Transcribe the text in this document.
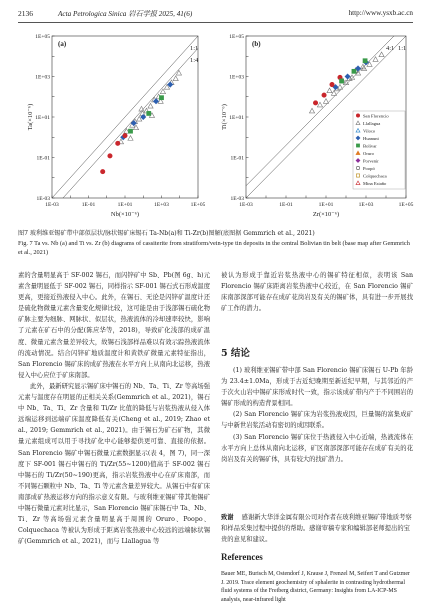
2136	Acta Petrologica Sinica 岩石学报 2025, 41(6)	http://www.ysxb.ac.cn
1:1
1:4
1E-03	1E-01	1E+01	1E+03	1E+05
1E-03
1E-01
1E+01
1E+03
1E+05
Nb(×10⁻⁶)
Ta(×10⁻⁶)
(a)
1:1
4:1
1E-03	1E-01	1E+01	1E+03	1E+05
1E-03
1E-01
1E+01
1E+03
1E+05
Zr(×10⁻⁶)
Ti(×10⁻⁶)
(b)
San Florencio
Llallagua
Viloco
Huanuni
Bolivar
Oruro
Porvenir
Poopó
Colquechaca
Mina Estaño
图7 玻利维亚锡矿带中部似层状/脉状锡矿床锡石 Ta-Nb(a)和 Ti-Zr(b)图解(底图据 Gemmrich et al., 2021)
Fig. 7 Ta vs. Nb (a) and Ti vs. Zr (b) diagrams of cassiterite from stratiform/vein-type tin deposits in the central Bolivian tin belt (base map after Gemmrich et al., 2021)

素的含量明显高于 SF-002 锡石，而闪锌矿中 Sb、Pb(图 6g、h)元素含量明显低于 SF-002 锡石，同样指示 SF-001 锡石式石形成温度更高，更接近热液侵入中心。此外，在锡石、无论是闪锌矿温度计还是硫化物微量元素含量变化规律比较，这可能是由于浅部锡石硫化物矿脉主要为细脉、网脉状、似层状，热液流体的冷却速率较快，影响了元素在矿石中的分配(陈应华等，2018)，导致矿化浅部的成矿温度、微量元素含量差异较大，故锡石浅部样品难以有效示踪热液流体的流动情况。结合闪锌矿地质温度计和黄铁矿微量元素特征指出，San Florencio 锡矿床的成矿热液在水平方向上从南向北运移，热液侵入中心应位于矿床南部。

此外，最新研究显示锡矿床中锡石的 Nb、Ta、Ti、Zr 等高场强元素与温度存在明显的正相关关系(Gemmrich et al., 2021)，锡石中 Nb、Ta、Ti、Zr 含量和 Ti/Zr 比值的降低与岩浆热液从侵入体远端运移到远端矿床温度降低有关(Cheng et al., 2019; Zhao et al., 2019; Gemmrich et al., 2021)。由于锡石为矿石矿物，其微量元素组成可以用于寻找矿化中心能够提供更可靠、直接的依据。San Florencio 锡矿中锡石微量元素数据显示(表 4，图 7)，同一深度下 SF-001 锡石中锡石的 Ti/Zr(55~1200)值高于 SF-002 锡石中锡石的 Ti/Zr(50~190)更高，指示岩浆热液中心在矿床南部，而不同锡石颗粒中 Nb、Ta、Ti 等元素含量差异较大。从锡石中有矿床南部成矿热液运移方向的指示意义有限。与玻利维亚锡矿带其他锡矿中锡石微量元素对比显示，San Florencio 锡矿床锡石中 Ta、Nb、Ti、Zr 等高场强元素含量明显高于周围的 Oruro、Poopo、Colquechaca 等被认为形成于距离岩浆热液中心较远的远端脉状锡矿(Gemmrich et al., 2021)，而与 Llallagua 等

被认为形成于靠近岩浆热液中心的锡矿特征相似，表明该 San Florencio 锡矿床距离岩浆热液中心较近，在 San Florencio 锡矿床南部深部可能存在成矿花岗岩及有关的锡矿体，具有进一步开展找矿工作的潜力。

5 结论

(1) 玻利维亚锡矿带中部 San Florencio 锡矿床锡石 U-Pb 年龄为 23.4±1.0Ma，形成于古近纪晚期至新近纪早期，与其邻近的产于次火山岩中锡矿床形成时代一致，指示该成矿带内产于不同围岩的锡矿形成的构造背景相同。

(2) San Florencio 锡矿床为岩浆热液成因，巨量锡的富集成矿与中新世岩浆活动有密切的成因联系。

(3) San Florencio 锡矿床位于热液侵入中心近端，热液流体在水平方向上总体从南向北运移，矿区南部深部可能存在成矿有关的花岗岩及有关的锡矿体，具有较大的找矿潜力。

致谢 感谢新大华洋金属有限公司对作者在玻利维亚锡矿带地质考察和样品采集过程中提供的帮助。感谢审稿专家和编辑部老师提出的宝贵的意见和建议。
References
Bauer ME, Burisch M, Ostendorf J, Krause J, Frenzel M, Seifert T and Gutzmer J. 2019. Trace element geochemistry of sphalerite in contrasting hydrothermal fluid systems of the Freiberg district, Germany: Insights from LA-ICP-MS analysis, near-infrared light
